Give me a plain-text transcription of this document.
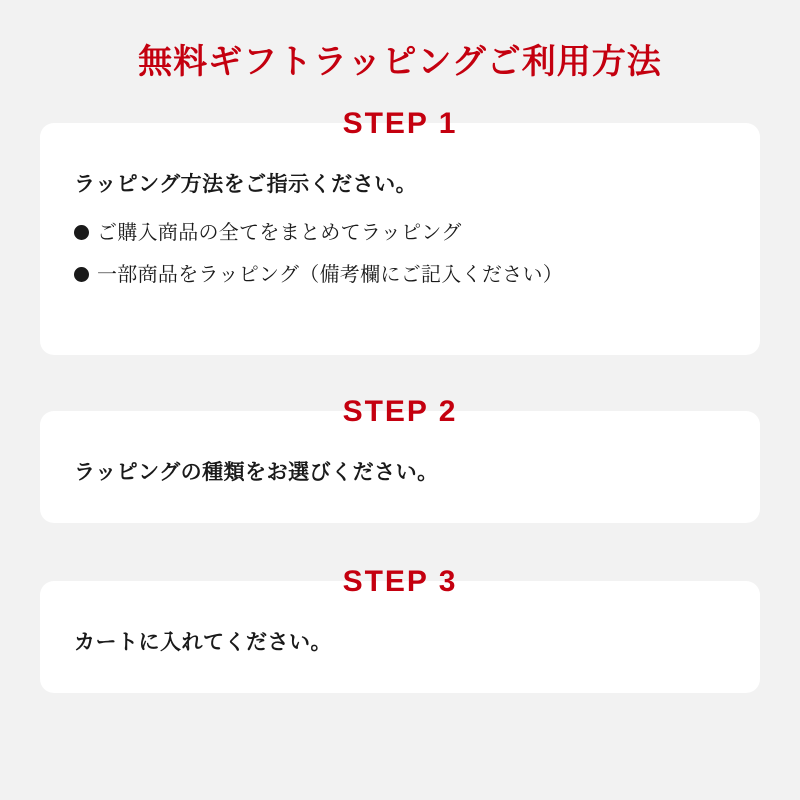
無料ギフトラッピングご利用方法
STEP 1

ラッピング方法をご指示ください。

ご購入商品の全てをまとめてラッピング
一部商品をラッピング（備考欄にご記入ください）
STEP 2

ラッピングの種類をお選びください。

STEP 3

カートに入れてください。
